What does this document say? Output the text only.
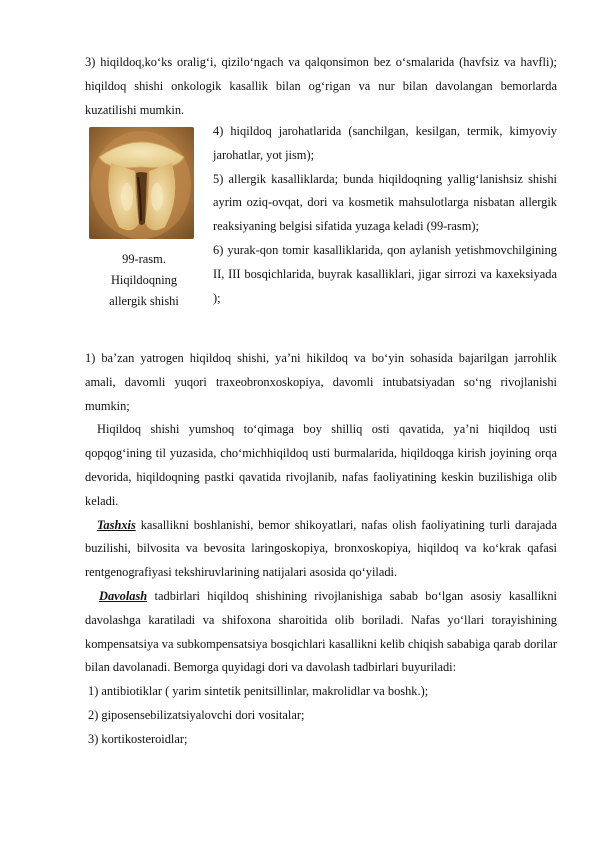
3) hiqildoq,ko‘ks oralig‘i, qizilo‘ngach va qalqonsimon bez o‘smalarida (havfsiz va havfli); hiqildoq shishi onkologik kasallik bilan og‘rigan va nur bilan davolangan bemorlarda kuzatilishi mumkin.

99-rasm.
Hiqildoqning
allergik shishi

4) hiqildoq jarohatlarida (sanchilgan, kesilgan, termik, kimyoviy jarohatlar, yot jism);

5) allergik kasalliklarda; bunda hiqildoqning yallig‘lanishsiz shishi ayrim oziq-ovqat, dori va kosmetik mahsulotlarga nisbatan allergik reaksiyaning belgisi sifatida yuzaga keladi (99-rasm);

6) yurak-qon tomir kasalliklarida, qon aylanish yetishmovchilgining II, III bosqichlarida, buyrak kasalliklari, jigar sirrozi va kaxeksiyada );

1) ba’zan yatrogen hiqildoq shishi, ya’ni hikildoq va bo‘yin sohasida bajarilgan jarrohlik amali, davomli yuqori traxeobronxoskopiya, davomli intubatsiyadan so‘ng rivojlanishi mumkin;

Hiqildoq shishi yumshoq to‘qimaga boy shilliq osti qavatida, ya’ni hiqildoq usti qopqog‘ining til yuzasida, cho‘michhiqildoq usti burmalarida, hiqildoqga kirish joyining orqa devorida, hiqildoqning pastki qavatida rivojlanib, nafas faoliyatining keskin buzilishiga olib keladi.

Tashxis kasallikni boshlanishi, bemor shikoyatlari, nafas olish faoliyatining turli darajada buzilishi, bilvosita va bevosita laringoskopiya, bronxoskopiya, hiqildoq va ko‘krak qafasi rentgenografiyasi tekshiruvlarining natijalari asosida qo‘yiladi.

Davolash tadbirlari hiqildoq shishining rivojlanishiga sabab bo‘lgan asosiy kasallikni davolashga karatiladi va shifoxona sharoitida olib boriladi. Nafas yo‘llari torayishining kompensatsiya va subkompensatsiya bosqichlari kasallikni kelib chiqish sababiga qarab dorilar bilan davolanadi. Bemorga quyidagi dori va davolash tadbirlari buyuriladi:

1) antibiotiklar ( yarim sintetik penitsillinlar, makrolidlar va boshk.);

2) giposensebilizatsiyalovchi dori vositalar;

3) kortikosteroidlar;
